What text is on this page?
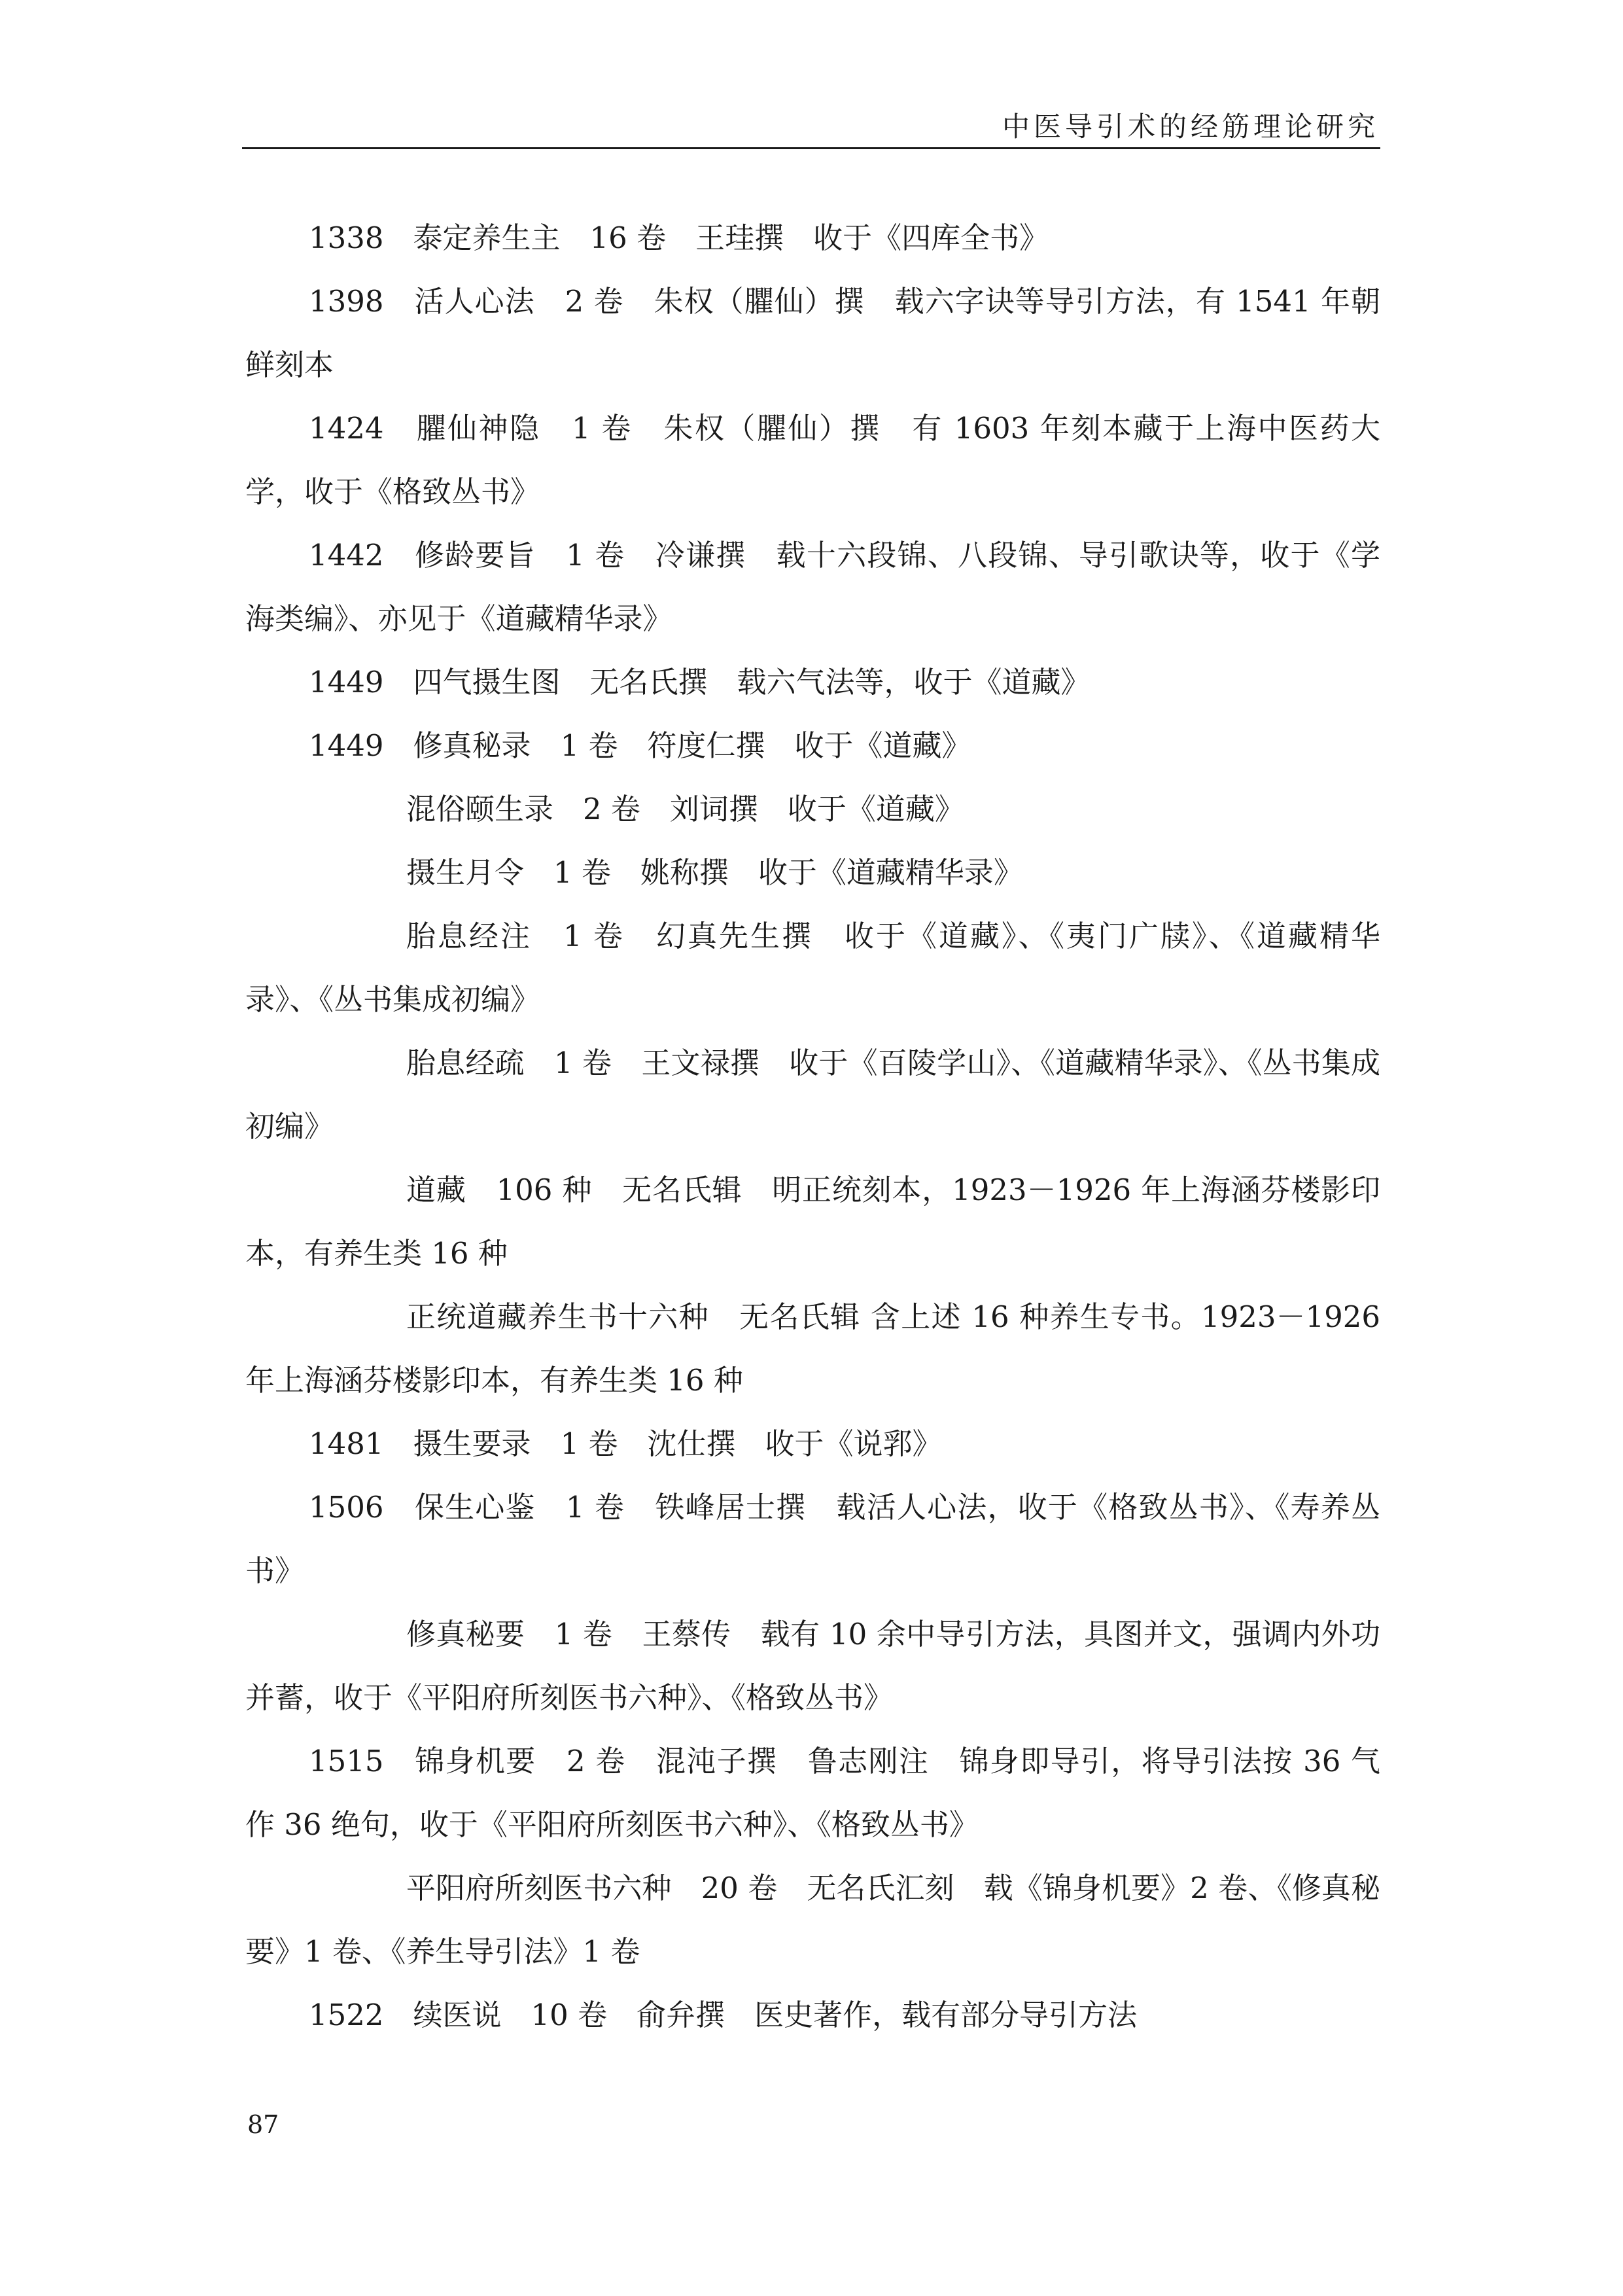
中医导引术的经筋理论研究

1338　泰定养生主　16 卷　王珪撰　收于《四库全书》

1398　活人心法　2 卷　朱权（臞仙）撰　载六字诀等导引方法，有 1541 年朝鲜刻本

1424　臞仙神隐　1 卷　朱权（臞仙）撰　有 1603 年刻本藏于上海中医药大学，收于《格致丛书》

1442　修龄要旨　1 卷　冷谦撰　载十六段锦、八段锦、导引歌诀等，收于《学海类编》、亦见于《道藏精华录》

1449　四气摄生图　无名氏撰　载六气法等，收于《道藏》

1449　修真秘录　1 卷　符度仁撰　收于《道藏》

混俗颐生录　2 卷　刘词撰　收于《道藏》

摄生月令　1 卷　姚称撰　收于《道藏精华录》

胎息经注　1 卷　幻真先生撰　收于《道藏》、《夷门广牍》、《道藏精华录》、《丛书集成初编》

胎息经疏　1 卷　王文禄撰　收于《百陵学山》、《道藏精华录》、《丛书集成初编》

道藏　106 种　无名氏辑　明正统刻本，1923－1926 年上海涵芬楼影印本，有养生类 16 种

正统道藏养生书十六种　无名氏辑 含上述 16 种养生专书。1923－1926 年上海涵芬楼影印本，有养生类 16 种

1481　摄生要录　1 卷　沈仕撰　收于《说郛》

1506　保生心鉴　1 卷　铁峰居士撰　载活人心法，收于《格致丛书》、《寿养丛书》

修真秘要　1 卷　王蔡传　载有 10 余中导引方法，具图并文，强调内外功并蓄，收于《平阳府所刻医书六种》、《格致丛书》

1515　锦身机要　2 卷　混沌子撰　鲁志刚注　锦身即导引，将导引法按 36 气作 36 绝句，收于《平阳府所刻医书六种》、《格致丛书》

平阳府所刻医书六种　20 卷　无名氏汇刻　载《锦身机要》2 卷、《修真秘要》1 卷、《养生导引法》1 卷

1522　续医说　10 卷　俞弁撰　医史著作，载有部分导引方法

87
